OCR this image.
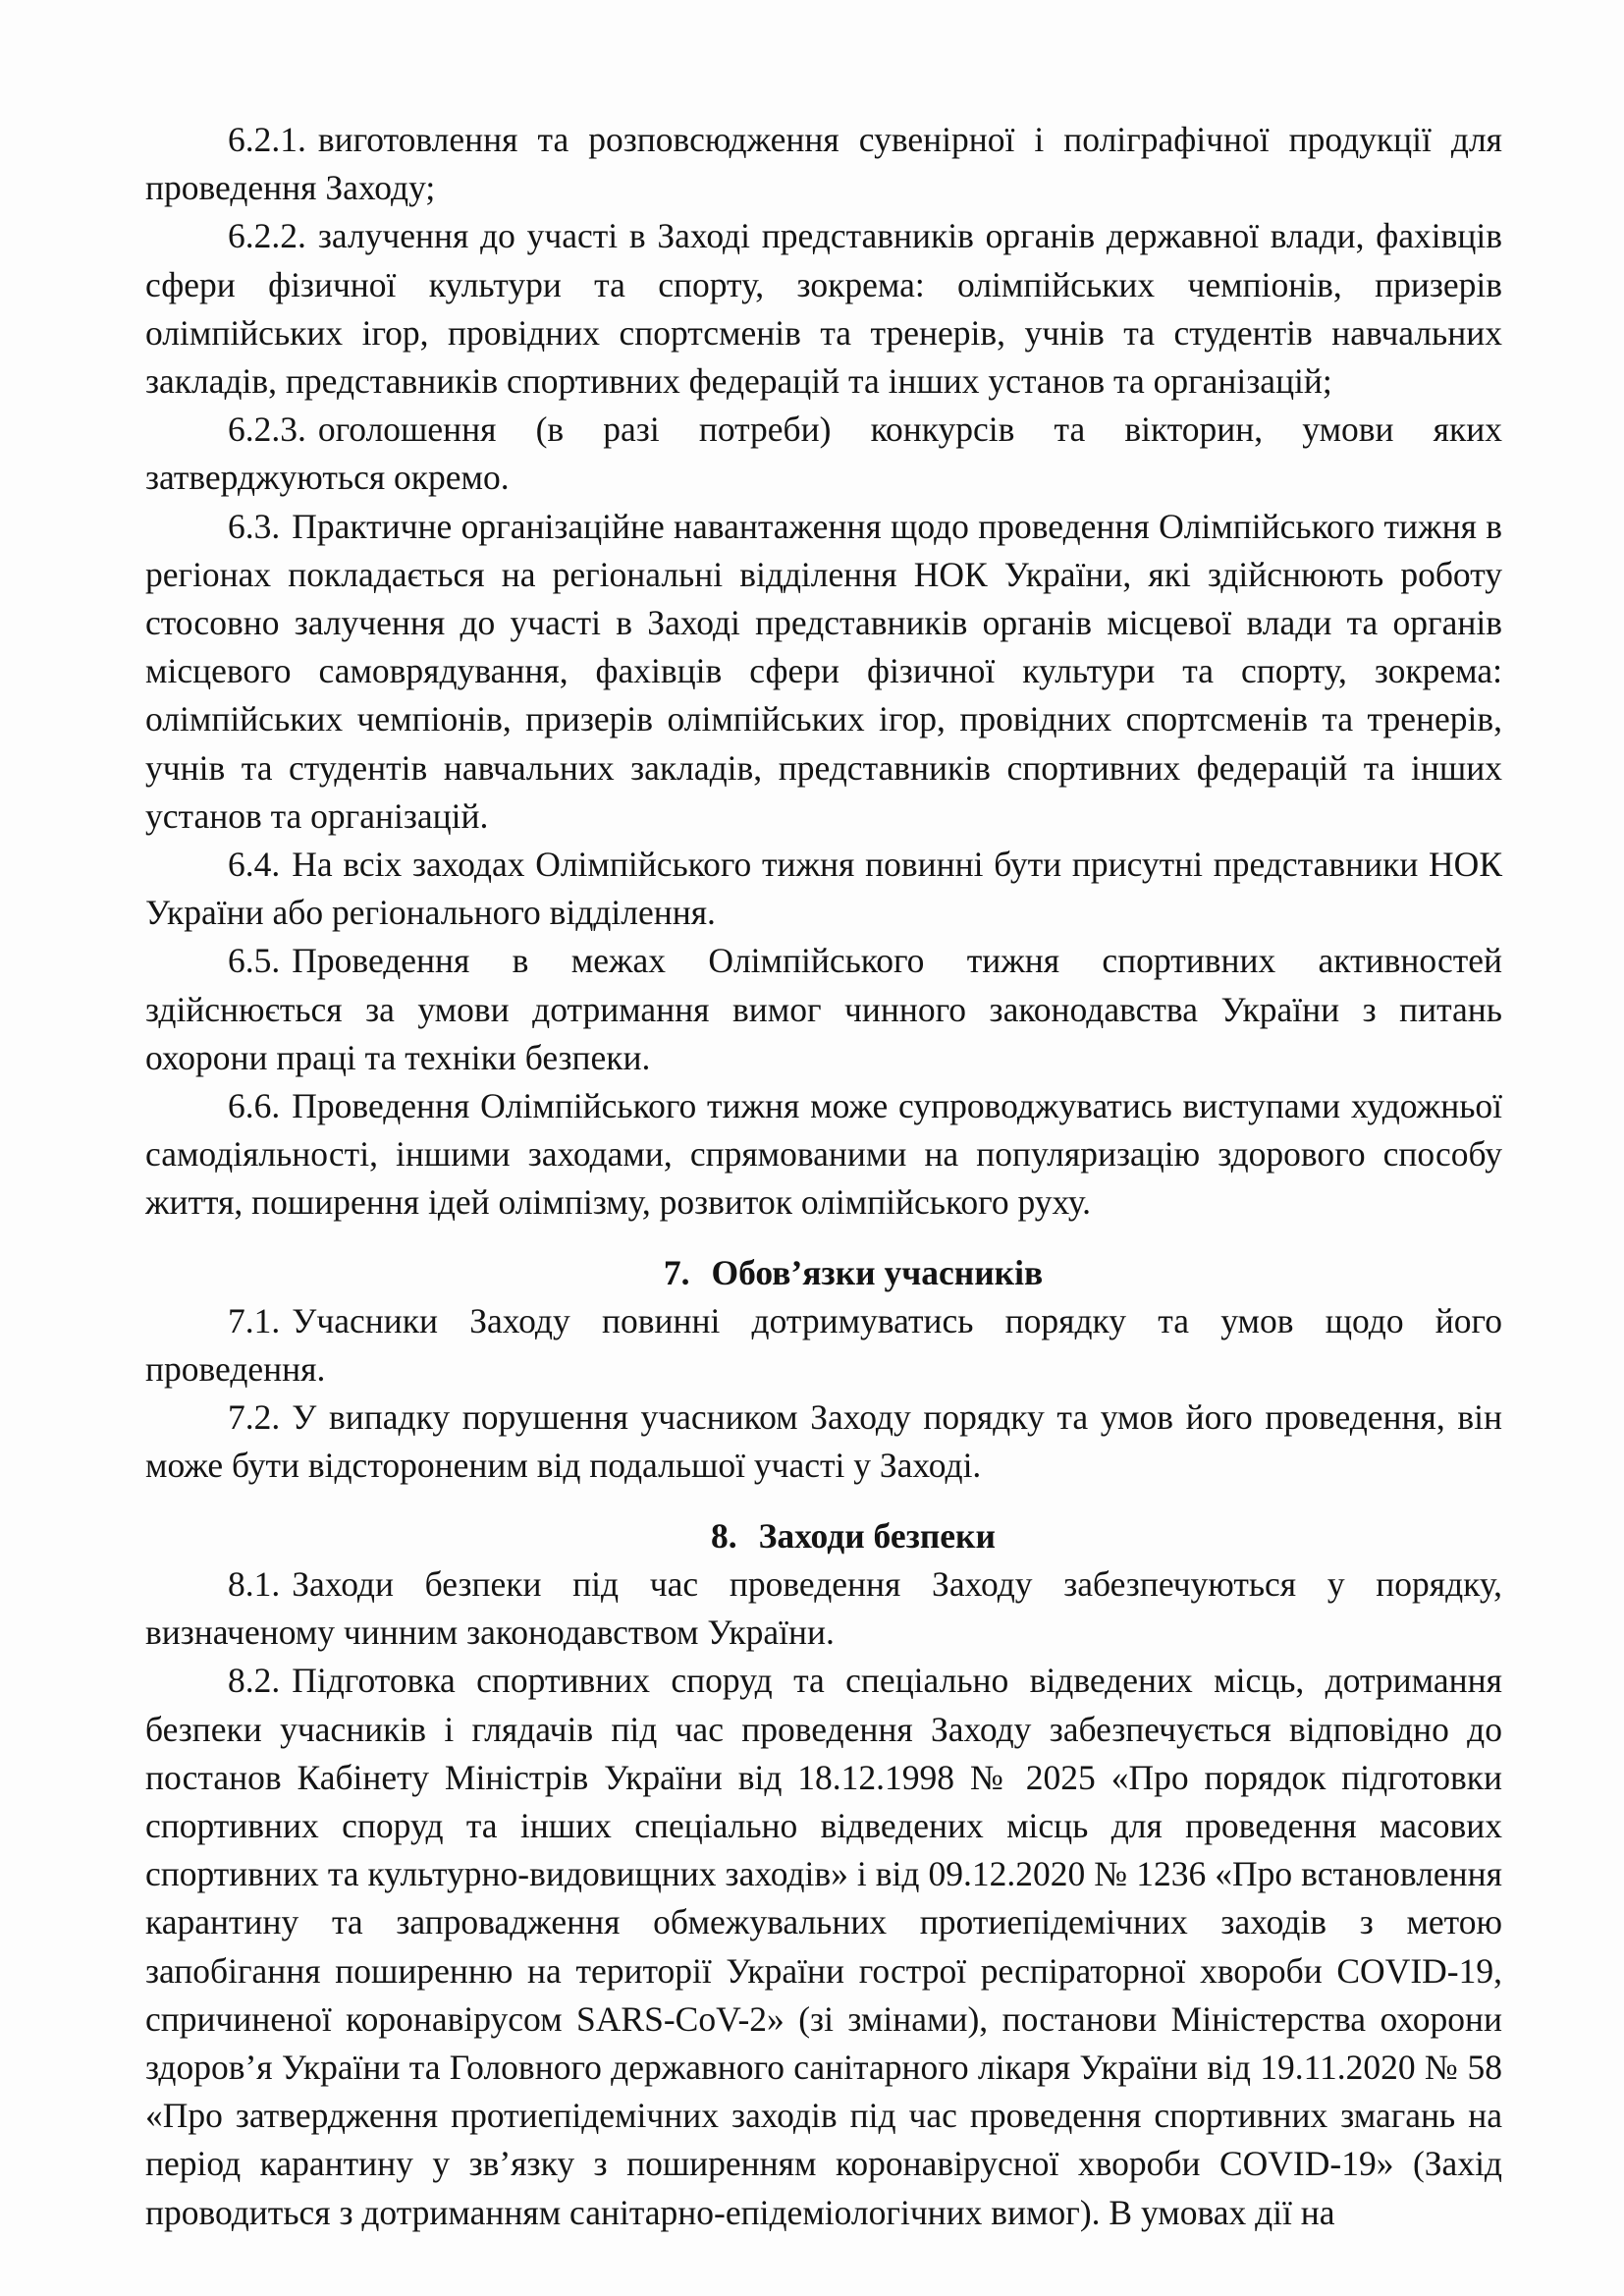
6.2.1. виготовлення та розповсюдження сувенірної і поліграфічної продукції для проведення Заходу;

6.2.2. залучення до участі в Заході представників органів державної влади, фахівців сфери фізичної культури та спорту, зокрема: олімпійських чемпіонів, призерів олімпійських ігор, провідних спортсменів та тренерів, учнів та студентів навчальних закладів, представників спортивних федерацій та інших установ та організацій;

6.2.3. оголошення (в разі потреби) конкурсів та вікторин, умови яких затверджуються окремо.

6.3. Практичне організаційне навантаження щодо проведення Олімпійського тижня в регіонах покладається на регіональні відділення НОК України, які здійснюють роботу стосовно залучення до участі в Заході представників органів місцевої влади та органів місцевого самоврядування, фахівців сфери фізичної культури та спорту, зокрема: олімпійських чемпіонів, призерів олімпійських ігор, провідних спортсменів та тренерів, учнів та студентів навчальних закладів, представників спортивних федерацій та інших установ та організацій.

6.4. На всіх заходах Олімпійського тижня повинні бути присутні представники НОК України або регіонального відділення.

6.5. Проведення в межах Олімпійського тижня спортивних активностей здійснюється за умови дотримання вимог чинного законодавства України з питань охорони праці та техніки безпеки.

6.6. Проведення Олімпійського тижня може супроводжуватись виступами художньої самодіяльності, іншими заходами, спрямованими на популяризацію здорового способу життя, поширення ідей олімпізму, розвиток олімпійського руху.

7. Обов’язки учасників

7.1. Учасники Заходу повинні дотримуватись порядку та умов щодо його проведення.

7.2. У випадку порушення учасником Заходу порядку та умов його проведення, він може бути відстороненим від подальшої участі у Заході.

8. Заходи безпеки

8.1. Заходи безпеки під час проведення Заходу забезпечуються у порядку, визначеному чинним законодавством України.

8.2. Підготовка спортивних споруд та спеціально відведених місць, дотримання безпеки учасників і глядачів під час проведення Заходу забезпечується відповідно до постанов Кабінету Міністрів України від 18.12.1998 № 2025 «Про порядок підготовки спортивних споруд та інших спеціально відведених місць для проведення масових спортивних та культурно-видовищних заходів» і від 09.12.2020 № 1236 «Про встановлення карантину та запровадження обмежувальних протиепідемічних заходів з метою запобігання поширенню на території України гострої респіраторної хвороби COVID-19, спричиненої коронавірусом SARS-CoV-2» (зі змінами), постанови Міністерства охорони здоров’я України та Головного державного санітарного лікаря України від 19.11.2020 № 58 «Про затвердження протиепідемічних заходів під час проведення спортивних змагань на період карантину у зв’язку з поширенням коронавірусної хвороби COVID-19» (Захід проводиться з дотриманням санітарно-епідеміологічних вимог). В умовах дії на
